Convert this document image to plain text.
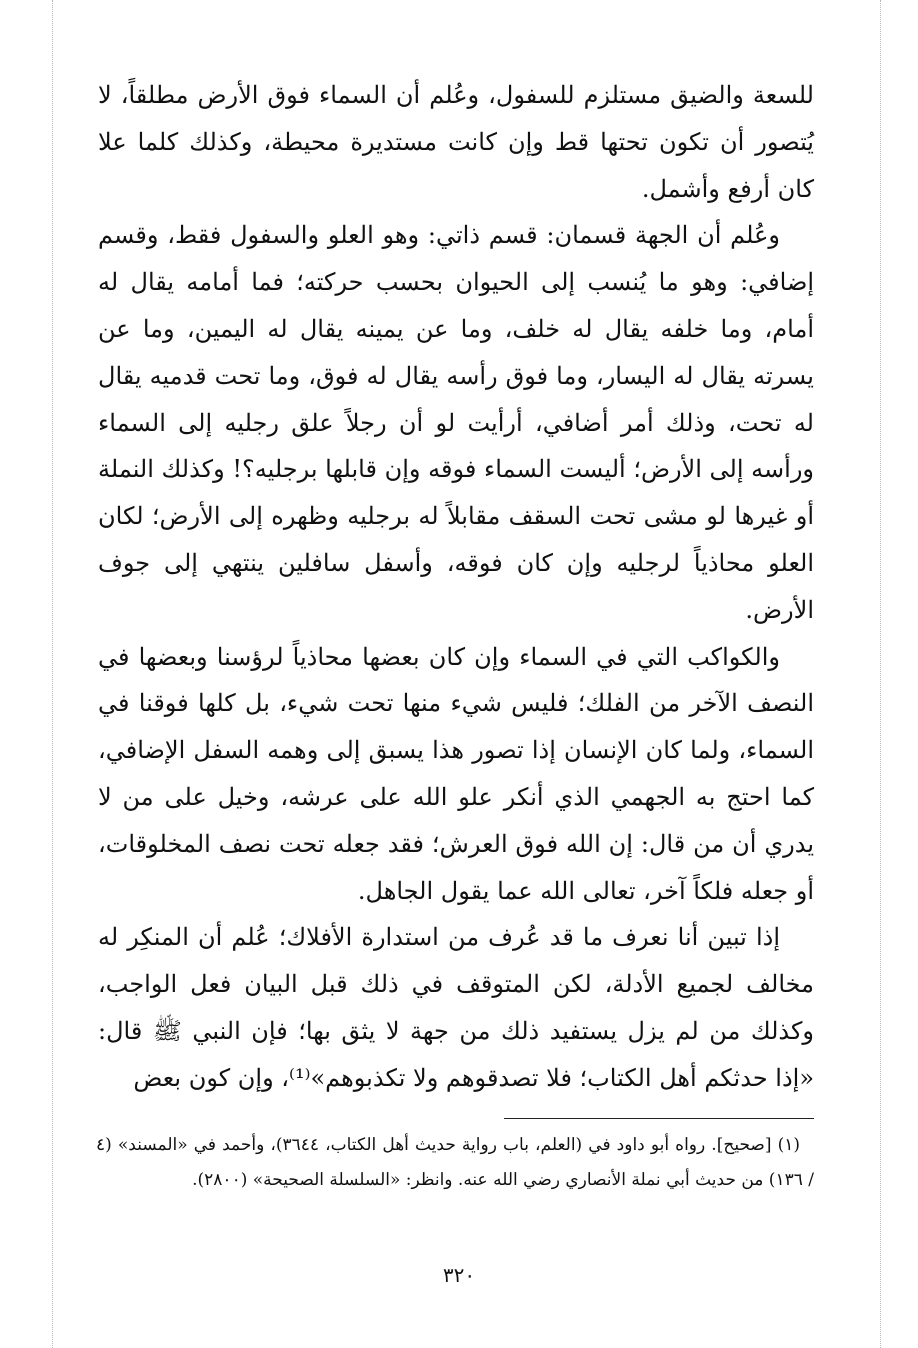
للسعة والضيق مستلزم للسفول، وعُلم أن السماء فوق الأرض مطلقاً، لا يُتصور أن تكون تحتها قط وإن كانت مستديرة محيطة، وكذلك كلما علا كان أرفع وأشمل.

وعُلم أن الجهة قسمان: قسم ذاتي: وهو العلو والسفول فقط، وقسم إضافي: وهو ما يُنسب إلى الحيوان بحسب حركته؛ فما أمامه يقال له أمام، وما خلفه يقال له خلف، وما عن يمينه يقال له اليمين، وما عن يسرته يقال له اليسار، وما فوق رأسه يقال له فوق، وما تحت قدميه يقال له تحت، وذلك أمر أضافي، أرأيت لو أن رجلاً علق رجليه إلى السماء ورأسه إلى الأرض؛ أليست السماء فوقه وإن قابلها برجليه؟! وكذلك النملة أو غيرها لو مشى تحت السقف مقابلاً له برجليه وظهره إلى الأرض؛ لكان العلو محاذياً لرجليه وإن كان فوقه، وأسفل سافلين ينتهي إلى جوف الأرض.

والكواكب التي في السماء وإن كان بعضها محاذياً لرؤسنا وبعضها في النصف الآخر من الفلك؛ فليس شيء منها تحت شيء، بل كلها فوقنا في السماء، ولما كان الإنسان إذا تصور هذا يسبق إلى وهمه السفل الإضافي، كما احتج به الجهمي الذي أنكر علو الله على عرشه، وخيل على من لا يدري أن من قال: إن الله فوق العرش؛ فقد جعله تحت نصف المخلوقات، أو جعله فلكاً آخر، تعالى الله عما يقول الجاهل.

إذا تبين أنا نعرف ما قد عُرف من استدارة الأفلاك؛ عُلم أن المنكِر له مخالف لجميع الأدلة، لكن المتوقف في ذلك قبل البيان فعل الواجب، وكذلك من لم يزل يستفيد ذلك من جهة لا يثق بها؛ فإن النبي ﷺ قال: «إذا حدثكم أهل الكتاب؛ فلا تصدقوهم ولا تكذبوهم»⁽¹⁾، وإن كون بعض

(١) [صحيح]. رواه أبو داود في (العلم، باب رواية حديث أهل الكتاب، ٣٦٤٤)، وأحمد في «المسند» (٤ / ١٣٦) من حديث أبي نملة الأنصاري رضي الله عنه. وانظر: «السلسلة الصحيحة» (٢٨٠٠).

٣٢٠
